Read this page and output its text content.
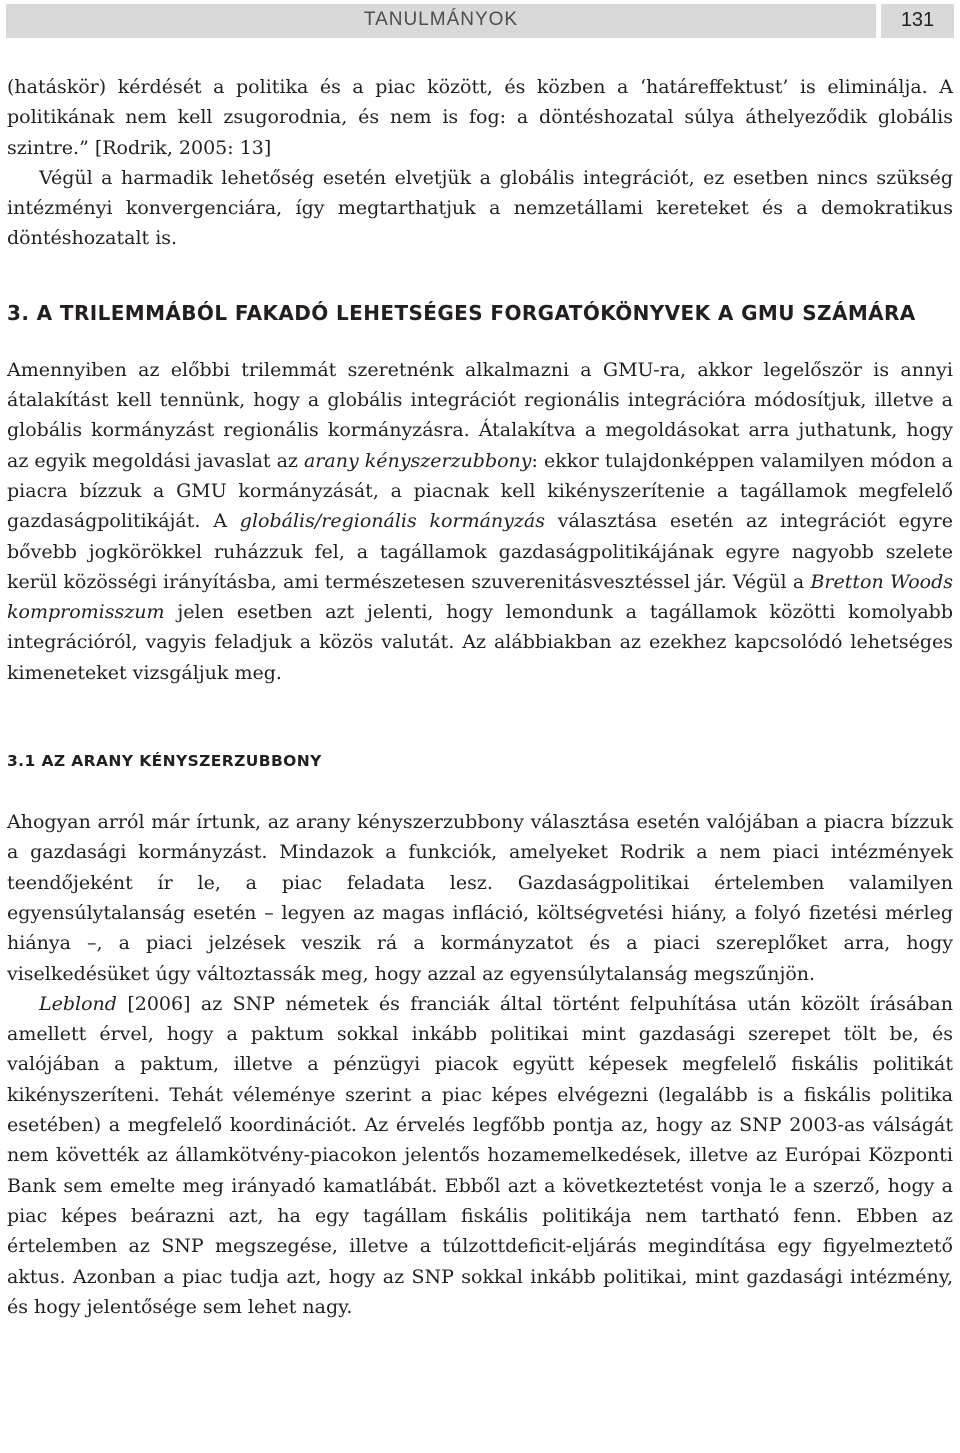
TANULMÁNYOK	131

(hatáskör) kérdését a politika és a piac között, és közben a ‘határeffektust’ is eliminálja. A politikának nem kell zsugorodnia, és nem is fog: a döntéshozatal súlya áthelyeződik globális szintre.” [Rodrik, 2005: 13]

Végül a harmadik lehetőség esetén elvetjük a globális integrációt, ez esetben nincs szükség intézményi konvergenciára, így megtarthatjuk a nemzetállami kereteket és a demokratikus döntéshozatalt is.

3. A TRILEMMÁBÓL FAKADÓ LEHETSÉGES FORGATÓKÖNYVEK A GMU SZÁMÁRA

Amennyiben az előbbi trilemmát szeretnénk alkalmazni a GMU-ra, akkor legelőször is annyi átalakítást kell tennünk, hogy a globális integrációt regionális integrációra módosítjuk, illetve a globális kormányzást regionális kormányzásra. Átalakítva a megoldásokat arra juthatunk, hogy az egyik megoldási javaslat az arany kényszerzubbony: ekkor tulajdonképpen valamilyen módon a piacra bízzuk a GMU kormányzását, a piacnak kell kikényszerítenie a tagállamok megfelelő gazdaságpolitikáját. A globális/regionális kormányzás választása esetén az integrációt egyre bővebb jogkörökkel ruházzuk fel, a tagállamok gazdaságpolitikájának egyre nagyobb szelete kerül közösségi irányításba, ami természetesen szuverenitásvesztéssel jár. Végül a Bretton Woods kompromisszum jelen esetben azt jelenti, hogy lemondunk a tagállamok közötti komolyabb integrációról, vagyis feladjuk a közös valutát. Az alábbiakban az ezekhez kapcsolódó lehetséges kimeneteket vizsgáljuk meg.

3.1 AZ ARANY KÉNYSZERZUBBONY

Ahogyan arról már írtunk, az arany kényszerzubbony választása esetén valójában a piacra bízzuk a gazdasági kormányzást. Mindazok a funkciók, amelyeket Rodrik a nem piaci intézmények teendőjeként ír le, a piac feladata lesz. Gazdaságpolitikai értelemben valamilyen egyensúlytalanság esetén – legyen az magas infláció, költségvetési hiány, a folyó fizetési mérleg hiánya –, a piaci jelzések veszik rá a kormányzatot és a piaci szereplőket arra, hogy viselkedésüket úgy változtassák meg, hogy azzal az egyensúlytalanság megszűnjön.

Leblond [2006] az SNP németek és franciák által történt felpuhítása után közölt írásában amellett érvel, hogy a paktum sokkal inkább politikai mint gazdasági szerepet tölt be, és valójában a paktum, illetve a pénzügyi piacok együtt képesek megfelelő fiskális politikát kikényszeríteni. Tehát véleménye szerint a piac képes elvégezni (legalább is a fiskális politika esetében) a megfelelő koordinációt. Az érvelés legfőbb pontja az, hogy az SNP 2003-as válságát nem követték az államkötvény-piacokon jelentős hozamemelkedések, illetve az Európai Központi Bank sem emelte meg irányadó kamatlábát. Ebből azt a következtetést vonja le a szerző, hogy a piac képes beárazni azt, ha egy tagállam fiskális politikája nem tartható fenn. Ebben az értelemben az SNP megszegése, illetve a túlzottdeficit-eljárás megindítása egy figyelmeztető aktus. Azonban a piac tudja azt, hogy az SNP sokkal inkább politikai, mint gazdasági intézmény, és hogy jelentősége sem lehet nagy.
